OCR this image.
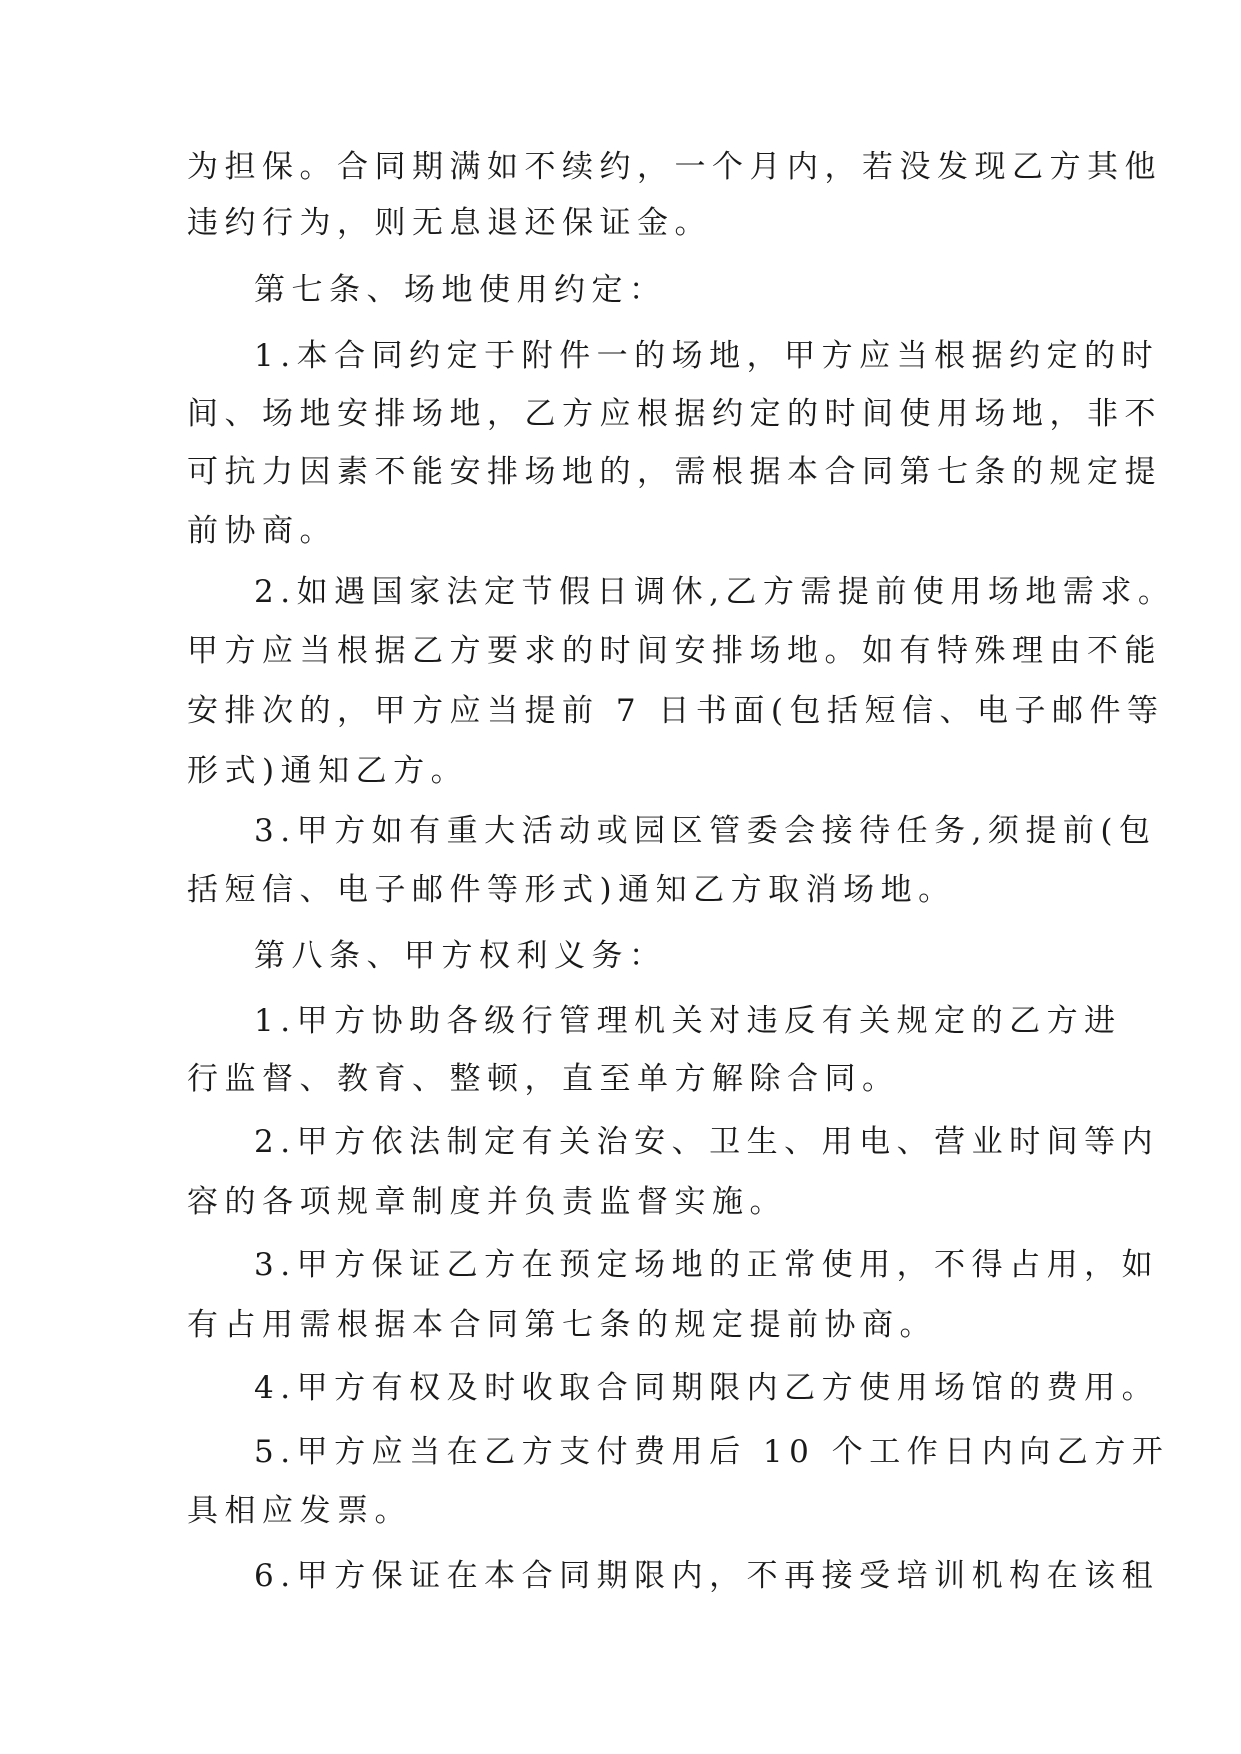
为担保。合同期满如不续约，一个月内，若没发现乙方其他
违约行为，则无息退还保证金。
第七条、场地使用约定：
1.本合同约定于附件一的场地，甲方应当根据约定的时
间、场地安排场地，乙方应根据约定的时间使用场地，非不
可抗力因素不能安排场地的，需根据本合同第七条的规定提
前协商。
2.如遇国家法定节假日调休,乙方需提前使用场地需求。
甲方应当根据乙方要求的时间安排场地。如有特殊理由不能
安排次的，甲方应当提前 7 日书面(包括短信、电子邮件等
形式)通知乙方。
3.甲方如有重大活动或园区管委会接待任务,须提前(包
括短信、电子邮件等形式)通知乙方取消场地。
第八条、甲方权利义务：
1.甲方协助各级行管理机关对违反有关规定的乙方进
行监督、教育、整顿，直至单方解除合同。
2.甲方依法制定有关治安、卫生、用电、营业时间等内
容的各项规章制度并负责监督实施。
3.甲方保证乙方在预定场地的正常使用，不得占用，如
有占用需根据本合同第七条的规定提前协商。
4.甲方有权及时收取合同期限内乙方使用场馆的费用。
5.甲方应当在乙方支付费用后 10 个工作日内向乙方开
具相应发票。
6.甲方保证在本合同期限内，不再接受培训机构在该租
